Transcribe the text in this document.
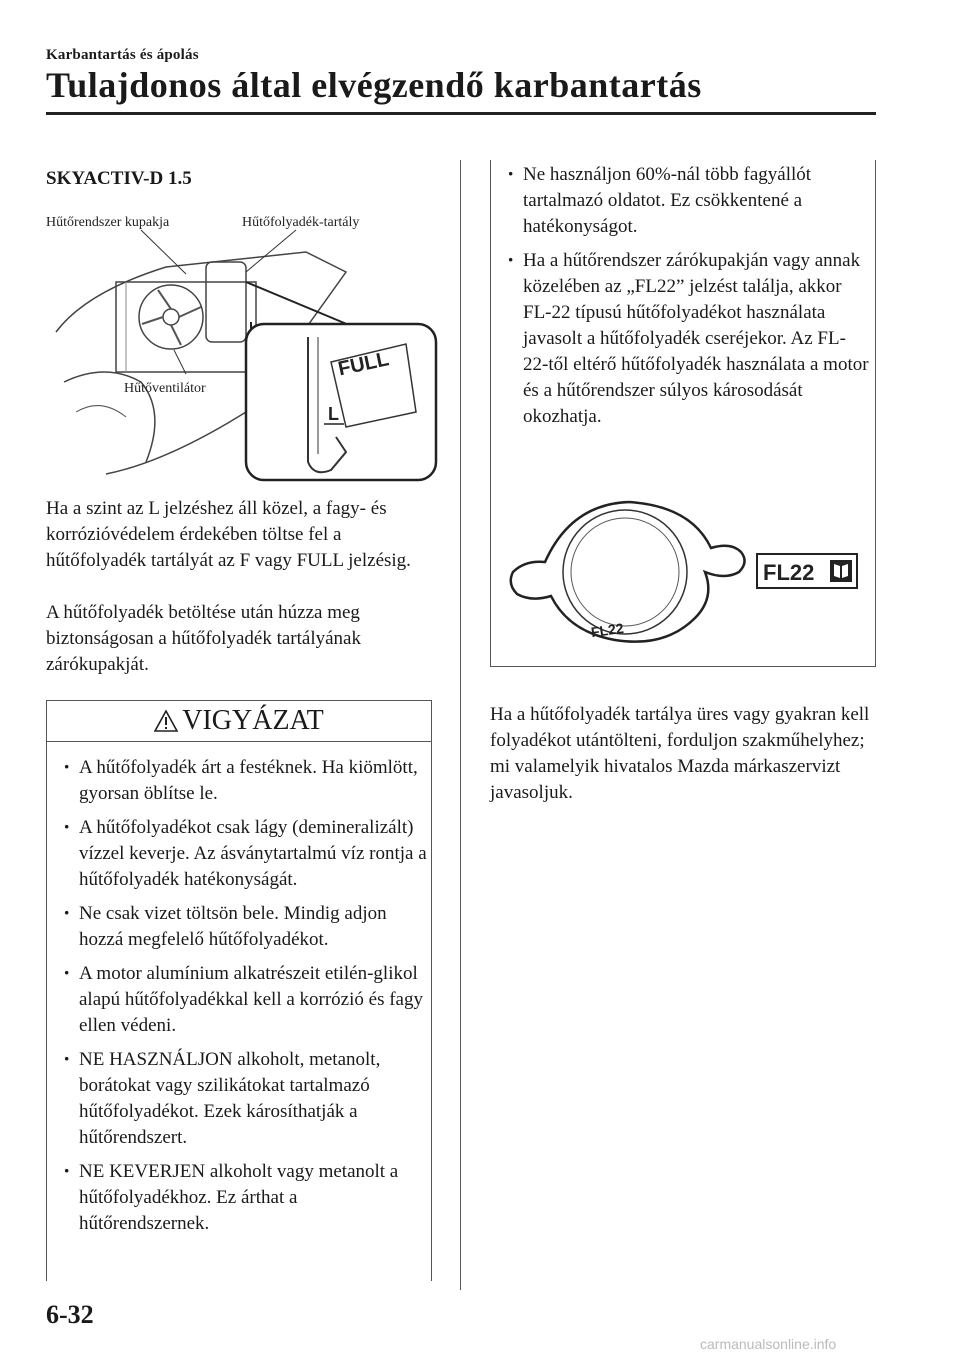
Karbantartás és ápolás
Tulajdonos által elvégzendő karbantartás
SKYACTIV-D 1.5
FULL
L
Hűtőrendszer kupakja	Hűtőfolyadék-tartály
Hűtőventilátor
Ha a szint az L jelzéshez áll közel, a fagy- és korrózióvédelem érdekében töltse fel a hűtőfolyadék tartályát az F vagy FULL jelzésig.
A hűtőfolyadék betöltése után húzza meg biztonságosan a hűtőfolyadék tartályának zárókupakját.
VIGYÁZAT
· A hűtőfolyadék árt a festéknek. Ha kiömlött, gyorsan öblítse le.
· A hűtőfolyadékot csak lágy (demineralizált) vízzel keverje. Az ásványtartalmú víz rontja a hűtőfolyadék hatékonyságát.
· Ne csak vizet töltsön bele. Mindig adjon hozzá megfelelő hűtőfolyadékot.
· A motor alumínium alkatrészeit etilén-glikol alapú hűtőfolyadékkal kell a korrózió és fagy ellen védeni.
· NE HASZNÁLJON alkoholt, metanolt, borátokat vagy szilikátokat tartalmazó hűtőfolyadékot. Ezek károsíthatják a hűtőrendszert.
· NE KEVERJEN alkoholt vagy metanolt a hűtőfolyadékhoz. Ez árthat a hűtőrendszernek.
· Ne használjon 60%-nál több fagyállót tartalmazó oldatot. Ez csökkentené a hatékonyságot.
· Ha a hűtőrendszer zárókupakján vagy annak közelében az „FL22” jelzést találja, akkor FL-22 típusú hűtőfolyadékot használata javasolt a hűtőfolyadék cseréjekor. Az FL-22-től eltérő hűtőfolyadék használata a motor és a hűtőrendszer súlyos károsodását okozhatja.
FL22
FL22
Ha a hűtőfolyadék tartálya üres vagy gyakran kell folyadékot utántölteni, forduljon szakműhelyhez; mi valamelyik hivatalos Mazda márkaszervizt javasoljuk.
6-32
carmanualsonline.info
